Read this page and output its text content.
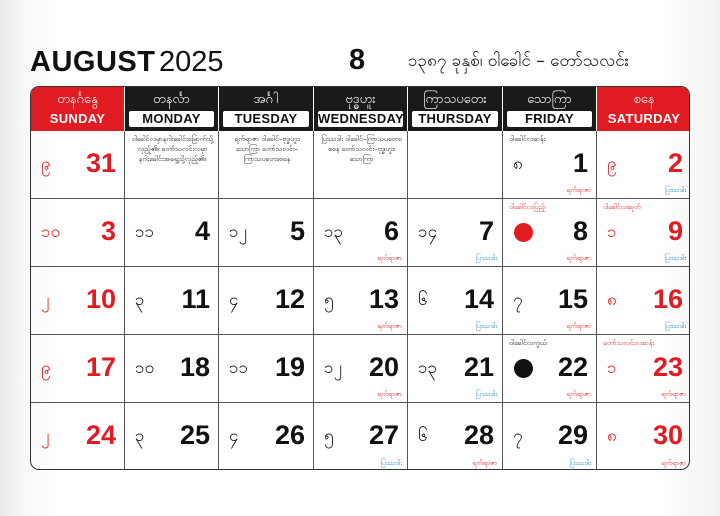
AUGUST 2025	8	၁၃၈၇ ခုနှစ်၊ ဝါခေါင် – တော်သလင်း
တနင်္ဂနွေ
SUNDAY
တနင်္လာ
MONDAY
အင်္ဂါ
TUESDAY
ဗုဒ္ဓဟူး
WEDNESDAY
ကြာသပတေး
THURSDAY
သောကြာ
FRIDAY
စနေ
SATURDAY
၉ 31
ဝါခေါင်လမှာနဂါးခေါင်းမြောက်သို့လှည့်၏။ တော်သလင်းလမှာနဂါးခေါင်းအရှေ့သို့လှည့်၏။
ရက်ရာဇာ ဝါခေါင်–ဗုဒ္ဓဟူး၊သောကြာ တော်သလင်း–ကြာသပတေး၊စနေ
ပြဿဒါး ဝါခေါင်–ကြာသပတေး၊စနေ တော်သလင်း–ဗုဒ္ဓဟူး၊သောကြာ
ဝါခေါင်လဆန်း
၈ 1
ရက်ရာဇာ
၉ 2
ပြဿဒါး
၁၀ 3 ၁၁ 4 ၁၂ 5 ၁၃ 6
ရက်ရာဇာ
၁၄ 7
ပြဿဒါး
ဝါခေါင်လပြည့်
8
ရက်ရာဇာ
ဝါခေါင်လဆုတ်
၁ 9
ပြဿဒါး
၂ 10 ၃ 11 ၄ 12 ၅ 13
ရက်ရာဇာ
၆ 14
ပြဿဒါး
၇ 15
ရက်ရာဇာ
၈ 16
ပြဿဒါး
၉ 17 ၁၀ 18 ၁၁ 19 ၁၂ 20
ရက်ရာဇာ
၁၃ 21
ပြဿဒါး
ဝါခေါင်လကွယ်
22
ရက်ရာဇာ
တော်သလင်းလဆန်း
၁ 23
ရက်ရာဇာ
၂ 24 ၃ 25 ၄ 26 ၅ 27
ပြဿဒါး
၆ 28
ရက်ရာဇာ
၇ 29
ပြဿဒါး
၈ 30
ရက်ရာဇာ
